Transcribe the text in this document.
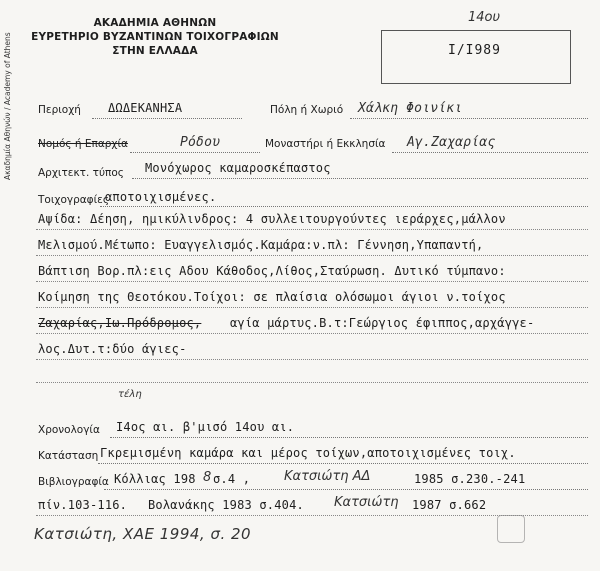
ΑΚΑΔΗΜΙΑ ΑΘΗΝΩΝ
ΕΥΡΕΤΗΡΙΟ ΒΥΖΑΝΤΙΝΩΝ ΤΟΙΧΟΓΡΑΦΙΩΝ
ΣΤΗΝ ΕΛΛΑΔΑ
Ακαδημία Αθηνών / Academy of Athens
14ου
I/I989
Περιοχή ΔΩΔΕΚΑΝΗΣΑ	Πόλη ή Χωριό Χάλκη Φοινίκι
Νομός ή Επαρχία	Ρόδου	Μοναστήρι ή Εκκλησία Αγ.Ζαχαρίας
Αρχιτεκτ. τύπος Μονόχωρος καμαροσκέπαστος
Τοιχογραφίες
αποτοιχισμένες.
Αψίδα: Δέηση, ημικύλινδρος: 4 συλλειτουργούντες ιεράρχες,μάλλον
Μελισμού.Μέτωπο: Ευαγγελισμός.Καμάρα:ν.πλ: Γέννηση,Υπαπαντή,
Βάπτιση Βορ.πλ:εις Αδου Κάθοδος,Λίθος,Σταύρωση. Δυτικό τύμπανο:
Κοίμηση της Θεοτόκου.Τοίχοι: σε πλαίσια ολόσωμοι άγιοι ν.τοίχος
Ζαχαρίας,Ιω.Πρόδρομος, αγία μάρτυς.Β.τ:Γεώργιος έφιππος,αρχάγγε-
λος.Δυτ.τ:δύο άγιες-
τέλη
Χρονολογία I4ος αι. β'μισό 14ου αι.
Κατάσταση Γκρεμισμένη καμάρα και μέρος τοίχων,αποτοιχισμένες τοιχ.
Βιβλιογραφία Κόλλιας 198 8 σ.4 ,	Κατσιώτη ΑΔ	1985 σ.230.-241
πίν.103-116. Βολανάκης 1983 σ.404. Κατσιώτη 1987 σ.662
Κατσιώτη, ΧΑΕ 1994, σ. 20
